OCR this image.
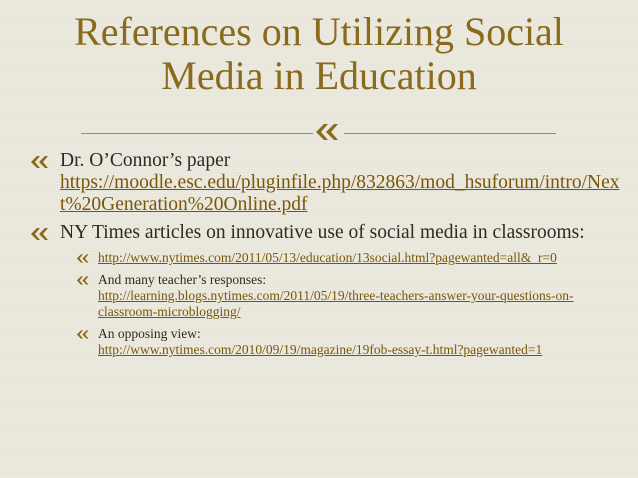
References on Utilizing Social
Media in Education
Dr. O’Connor’s paper
https://moodle.esc.edu/pluginfile.php/832863/mod_hsuforum/intro/Next%20Generation%20Online.pdf
NY Times articles on innovative use of social media in classrooms:
http://www.nytimes.com/2011/05/13/education/13social.html?pagewanted=all&_r=0
And many teacher’s responses:
http://learning.blogs.nytimes.com/2011/05/19/three-teachers-answer-your-questions-on-classroom-microblogging/
An opposing view:
http://www.nytimes.com/2010/09/19/magazine/19fob-essay-t.html?pagewanted=1
